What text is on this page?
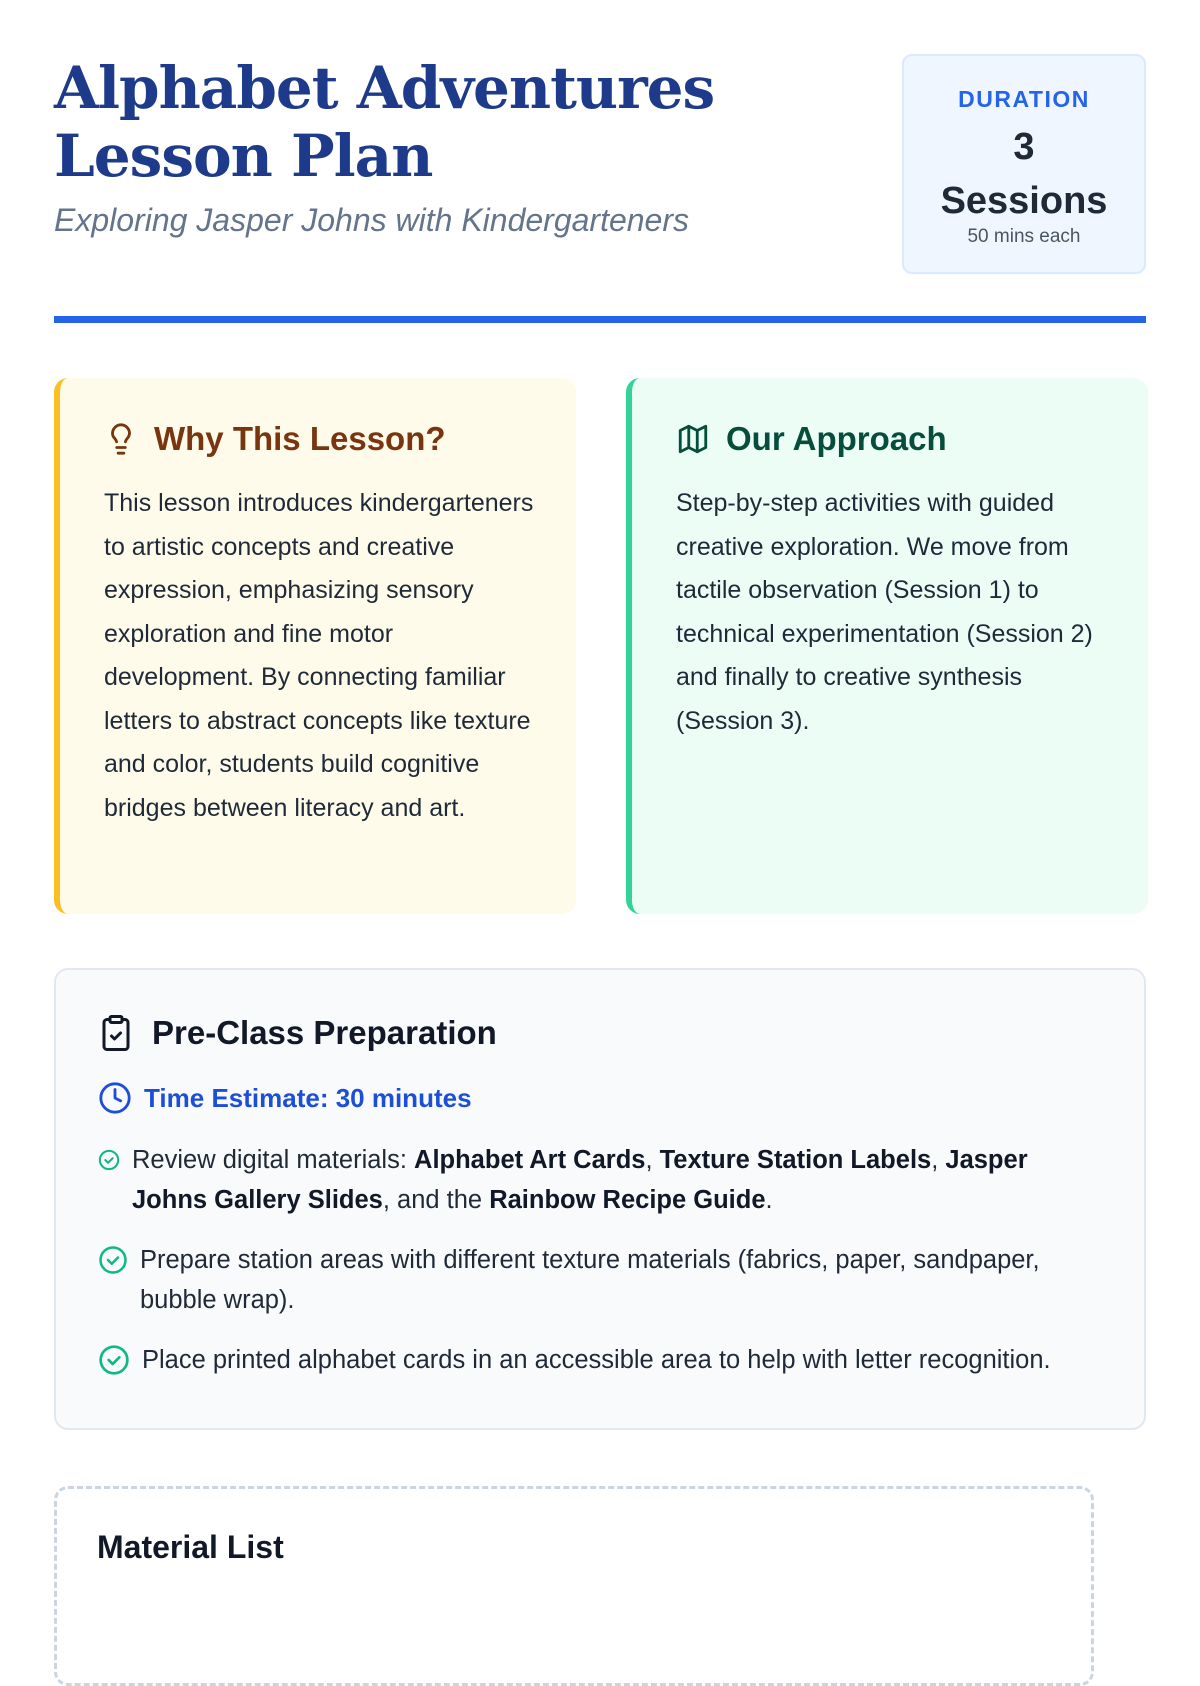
Alphabet Adventures Lesson Plan

Exploring Jasper Johns with Kindergarteners

DURATION
3
Sessions
50 mins each
Why This Lesson?

This lesson introduces kindergarteners to artistic concepts and creative expression, emphasizing sensory exploration and fine motor development. By connecting familiar letters to abstract concepts like texture and color, students build cognitive bridges between literacy and art.

Our Approach

Step-by-step activities with guided creative exploration. We move from tactile observation (Session 1) to technical experimentation (Session 2) and finally to creative synthesis (Session 3).

Pre-Class Preparation
Time Estimate: 30 minutes
Review digital materials: Alphabet Art Cards, Texture Station Labels, Jasper Johns Gallery Slides, and the Rainbow Recipe Guide.
Prepare station areas with different texture materials (fabrics, paper, sandpaper, bubble wrap).
Place printed alphabet cards in an accessible area to help with letter recognition.
Material List
